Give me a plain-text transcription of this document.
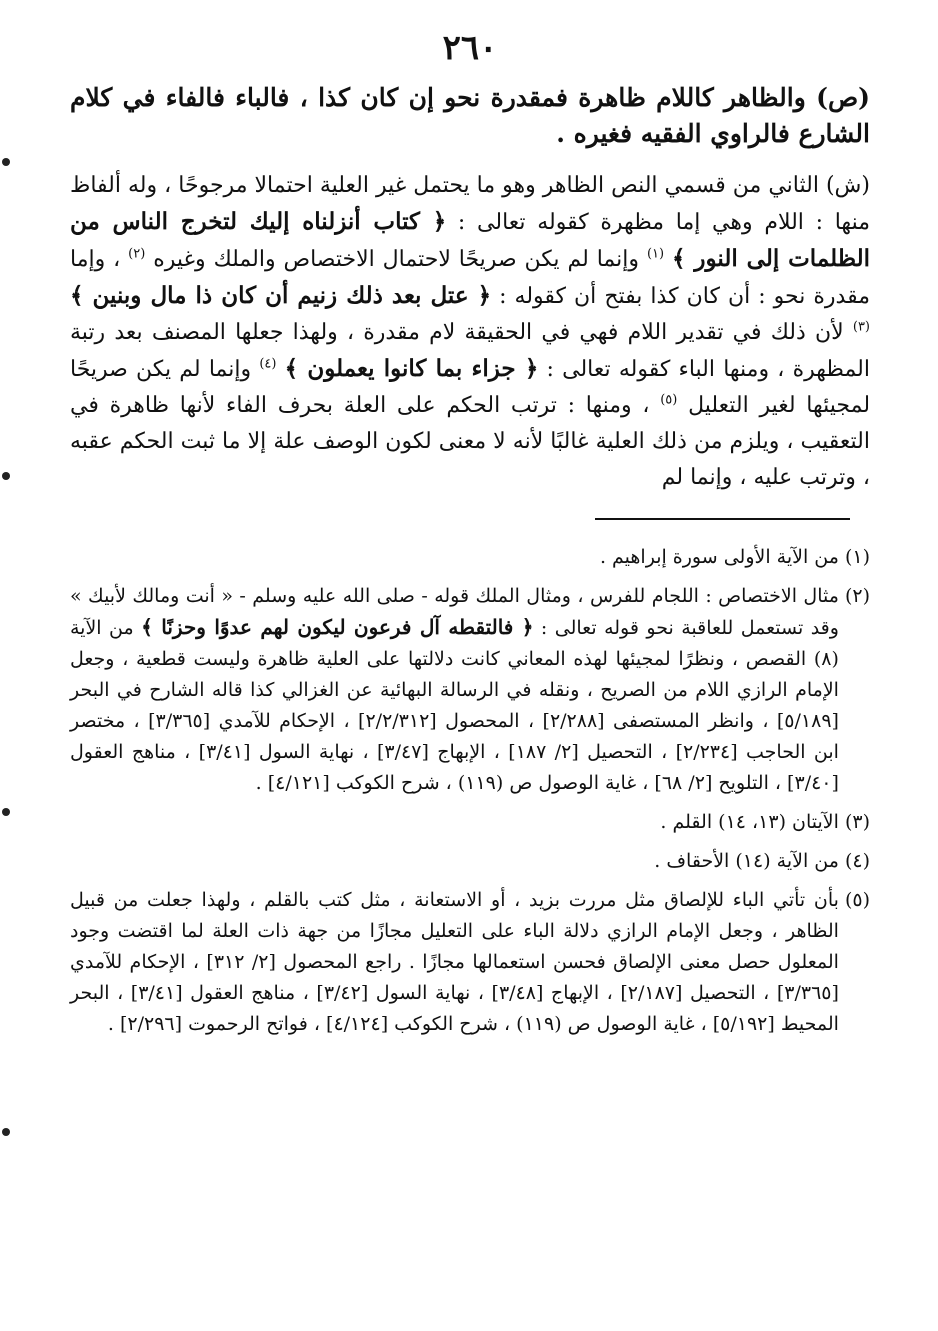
٢٦٠

(ص) والظاهر كاللام ظاهرة فمقدرة نحو إن كان كذا ، فالباء فالفاء في كلام الشارع فالراوي الفقيه فغيره .

(ش) الثاني من قسمي النص الظاهر وهو ما يحتمل غير العلية احتمالا مرجوحًا ، وله ألفاظ منها : اللام وهي إما مظهرة كقوله تعالى : ﴿ كتاب أنزلناه إليك لتخرج الناس من الظلمات إلى النور ﴾ $^{(١)}$ وإنما لم يكن صريحًا لاحتمال الاختصاص والملك وغيره $^{(٢)}$ ، وإما مقدرة نحو : أن كان كذا بفتح أن كقوله : ﴿ عتل بعد ذلك زنيم أن كان ذا مال وبنين ﴾ $^{(٣)}$ لأن ذلك في تقدير اللام فهي في الحقيقة لام مقدرة ، ولهذا جعلها المصنف بعد رتبة المظهرة ، ومنها الباء كقوله تعالى : ﴿ جزاء بما كانوا يعملون ﴾ $^{(٤)}$ وإنما لم يكن صريحًا لمجيئها لغير التعليل $^{(٥)}$ ، ومنها : ترتب الحكم على العلة بحرف الفاء لأنها ظاهرة في التعقيب ، ويلزم من ذلك العلية غالبًا لأنه لا معنى لكون الوصف علة إلا ما ثبت الحكم عقبه ، وترتب عليه ، وإنما لم

(١)
من الآية الأولى سورة إبراهيم .
(٢)
مثال الاختصاص : اللجام للفرس ، ومثال الملك قوله - صلى الله عليه وسلم - « أنت ومالك لأبيك » وقد تستعمل للعاقبة نحو قوله تعالى : ﴿ فالتقطه آل فرعون ليكون لهم عدوًا وحزنًا ﴾ من الآية (٨) القصص ، ونظرًا لمجيئها لهذه المعاني كانت دلالتها على العلية ظاهرة وليست قطعية ، وجعل الإمام الرازي اللام من الصريح ، ونقله في الرسالة البهائية عن الغزالي كذا قاله الشارح في البحر [٥/١٨٩] ، وانظر المستصفى [٢/٢٨٨] ، المحصول [٢/٢/٣١٢] ، الإحكام للآمدي [٣/٣٦٥] ، مختصر ابن الحاجب [٢/٢٣٤] ، التحصيل [٢/ ١٨٧] ، الإبهاج [٣/٤٧] ، نهاية السول [٣/٤١] ، مناهج العقول [٣/٤٠] ، التلويح [٢/ ٦٨] ، غاية الوصول ص (١١٩) ، شرح الكوكب [٤/١٢١] .
(٣)
الآيتان (١٣، ١٤) القلم .
(٤)
من الآية (١٤) الأحقاف .
(٥)
بأن تأتي الباء للإلصاق مثل مررت بزيد ، أو الاستعانة ، مثل كتب بالقلم ، ولهذا جعلت من قبيل الظاهر ، وجعل الإمام الرازي دلالة الباء على التعليل مجازًا من جهة ذات العلة لما اقتضت وجود المعلول حصل معنى الإلصاق فحسن استعمالها مجازًا . راجع المحصول [٢/ ٣١٢] ، الإحكام للآمدي [٣/٣٦٥] ، التحصيل [٢/١٨٧] ، الإبهاج [٣/٤٨] ، نهاية السول [٣/٤٢] ، مناهج العقول [٣/٤١] ، البحر المحيط [٥/١٩٢] ، غاية الوصول ص (١١٩) ، شرح الكوكب [٤/١٢٤] ، فواتح الرحموت [٢/٢٩٦] .
